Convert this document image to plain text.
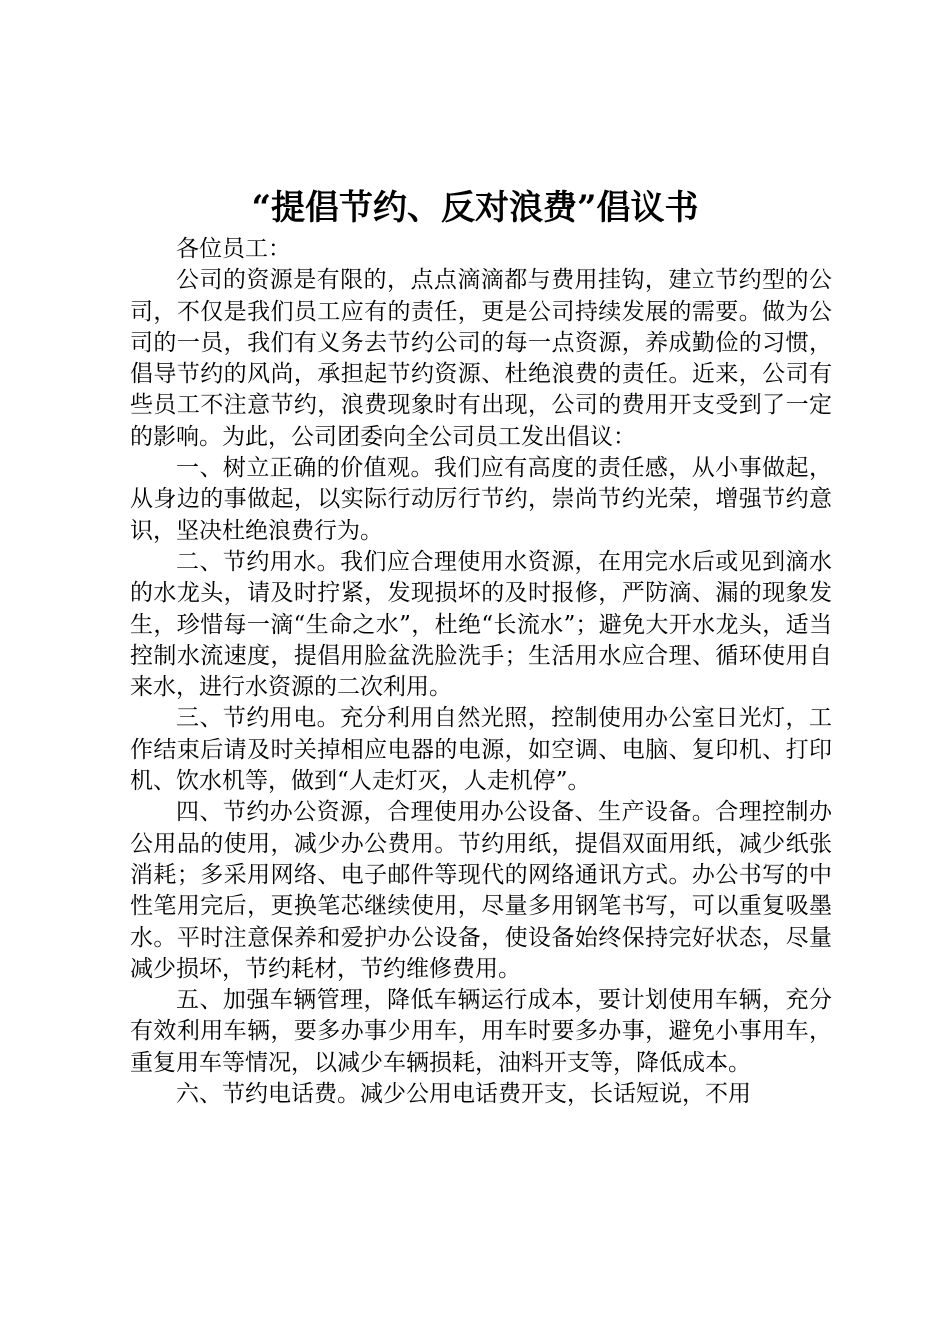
“提倡节约、反对浪费”倡议书

各位员工：

公司的资源是有限的，点点滴滴都与费用挂钩，建立节约型的公司，不仅是我们员工应有的责任，更是公司持续发展的需要。做为公司的一员，我们有义务去节约公司的每一点资源，养成勤俭的习惯，倡导节约的风尚，承担起节约资源、杜绝浪费的责任。近来，公司有些员工不注意节约，浪费现象时有出现，公司的费用开支受到了一定的影响。为此，公司团委向全公司员工发出倡议：

一、树立正确的价值观。我们应有高度的责任感，从小事做起，从身边的事做起，以实际行动厉行节约，崇尚节约光荣，增强节约意识，坚决杜绝浪费行为。

二、节约用水。我们应合理使用水资源，在用完水后或见到滴水的水龙头，请及时拧紧，发现损坏的及时报修，严防滴、漏的现象发生，珍惜每一滴“生命之水”，杜绝“长流水”；避免大开水龙头，适当控制水流速度，提倡用脸盆洗脸洗手；生活用水应合理、循环使用自来水，进行水资源的二次利用。

三、节约用电。充分利用自然光照，控制使用办公室日光灯，工作结束后请及时关掉相应电器的电源，如空调、电脑、复印机、打印机、饮水机等，做到“人走灯灭，人走机停”。

四、节约办公资源，合理使用办公设备、生产设备。合理控制办公用品的使用，减少办公费用。节约用纸，提倡双面用纸，减少纸张消耗；多采用网络、电子邮件等现代的网络通讯方式。办公书写的中性笔用完后，更换笔芯继续使用，尽量多用钢笔书写，可以重复吸墨水。平时注意保养和爱护办公设备，使设备始终保持完好状态，尽量减少损坏，节约耗材，节约维修费用。

五、加强车辆管理，降低车辆运行成本，要计划使用车辆，充分有效利用车辆，要多办事少用车，用车时要多办事，避免小事用车，重复用车等情况，以减少车辆损耗，油料开支等，降低成本。

六、节约电话费。减少公用电话费开支，长话短说，不用
